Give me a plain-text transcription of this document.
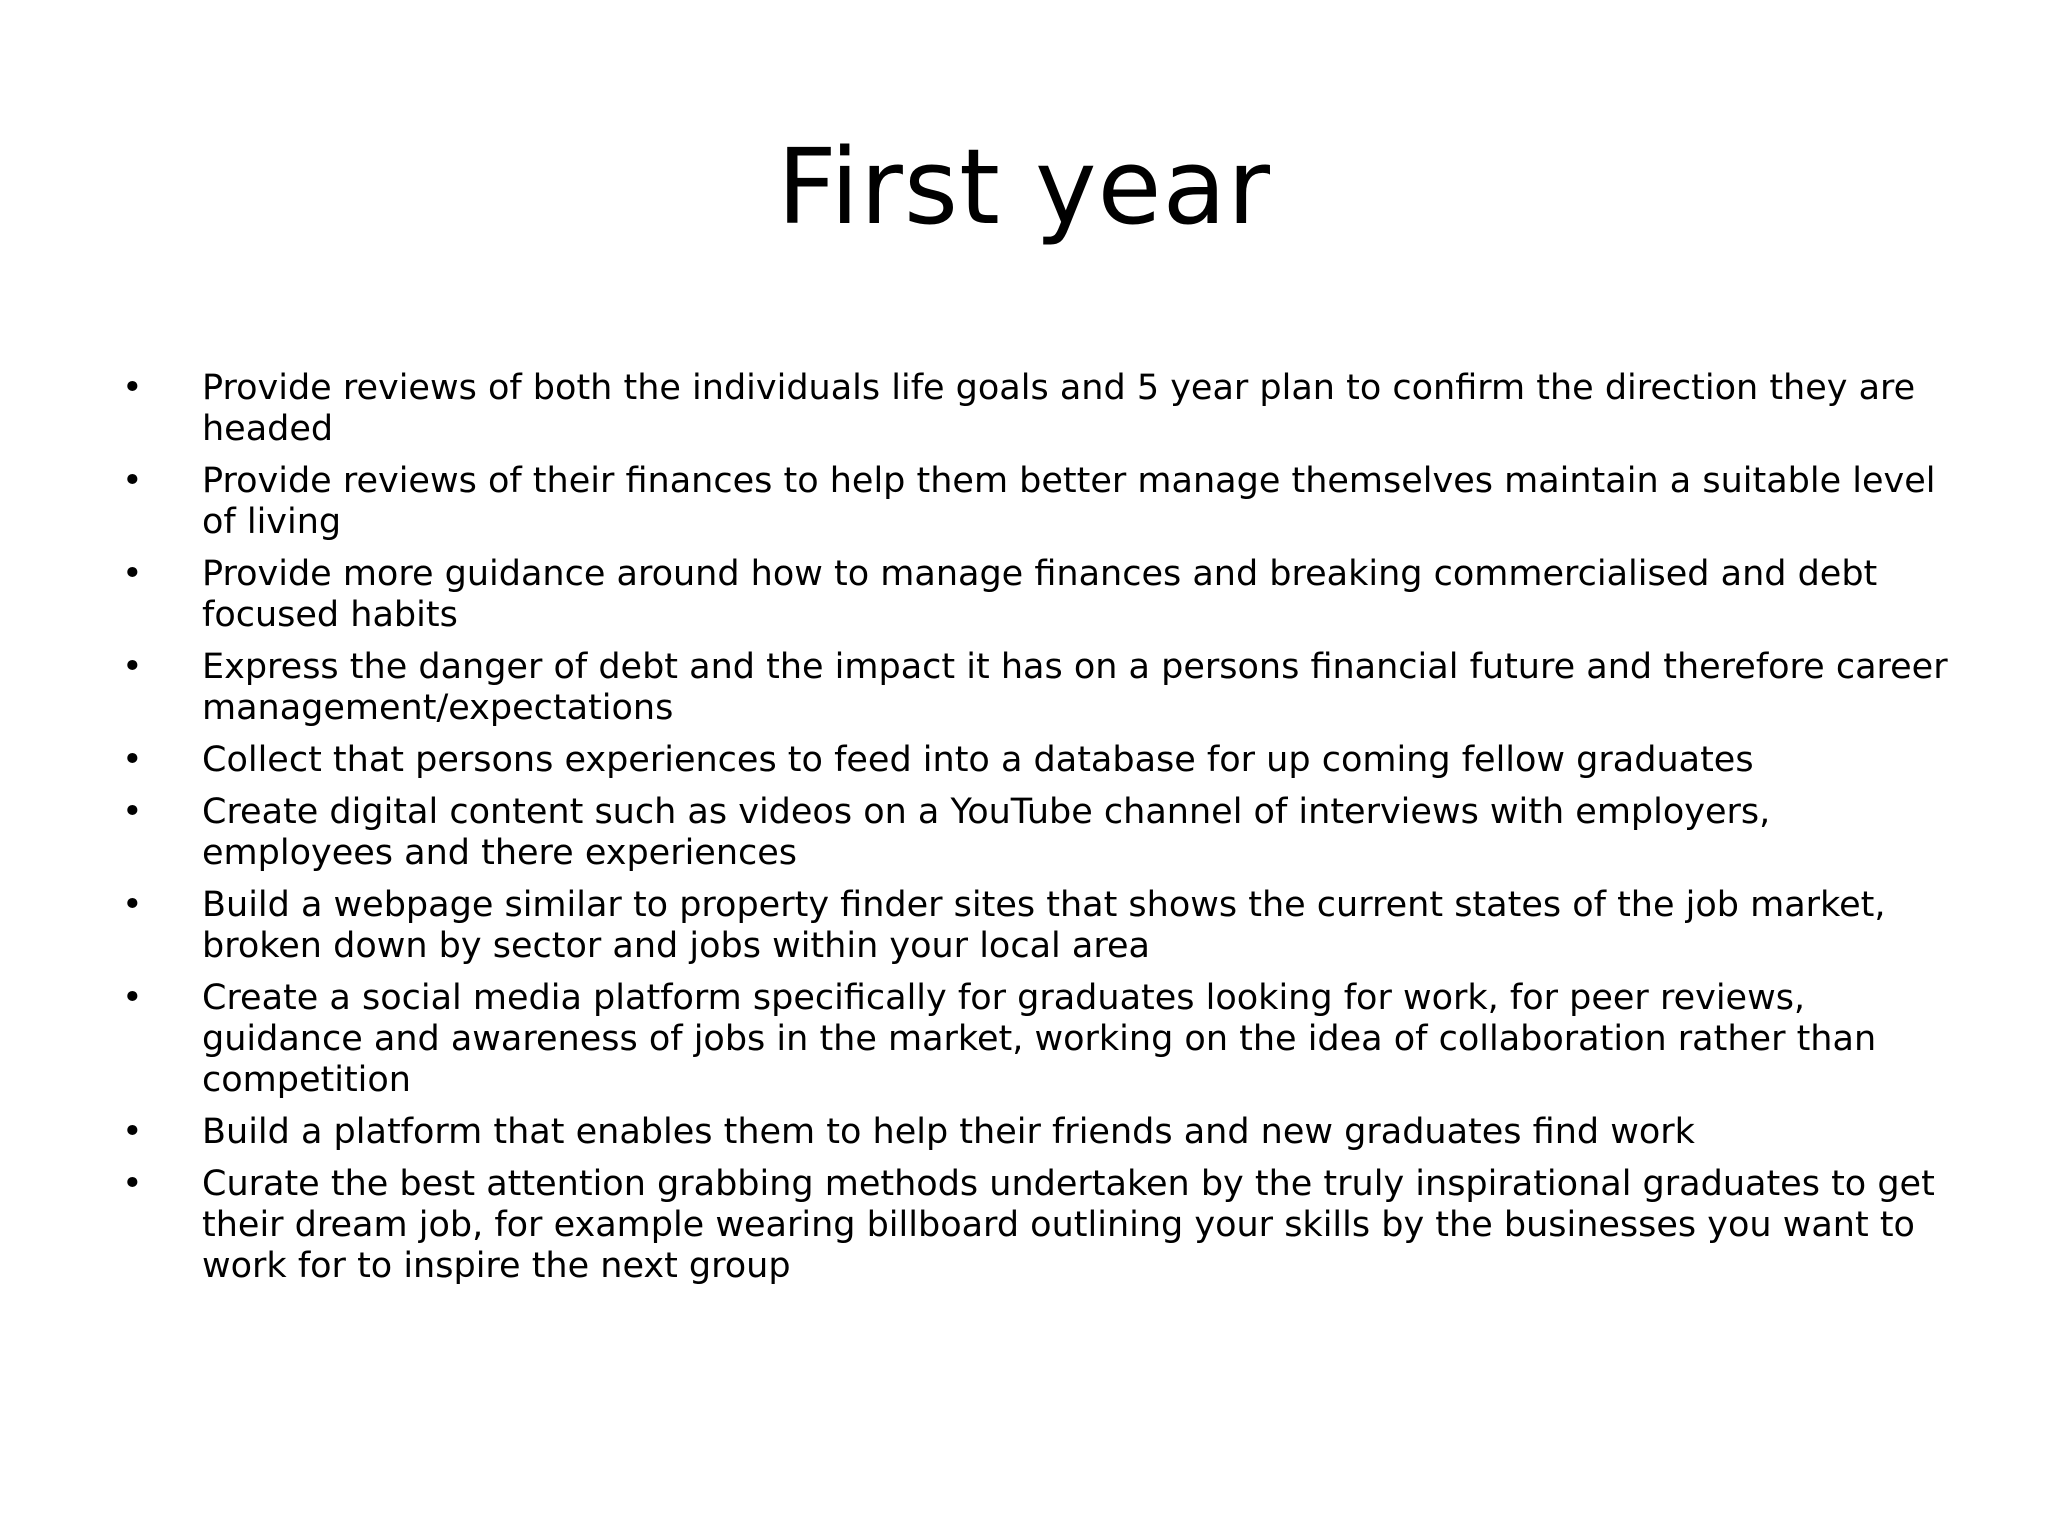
First year
• Provide reviews of both the individuals life goals and 5 year plan to confirm the direction they are headed
• Provide reviews of their finances to help them better manage themselves maintain a suitable level of living
• Provide more guidance around how to manage finances and breaking commercialised and debt focused habits
• Express the danger of debt and the impact it has on a persons financial future and therefore career management/expectations
• Collect that persons experiences to feed into a database for up coming fellow graduates
• Create digital content such as videos on a YouTube channel of interviews with employers, employees and there experiences
• Build a webpage similar to property finder sites that shows the current states of the job market, broken down by sector and jobs within your local area
• Create a social media platform specifically for graduates looking for work, for peer reviews, guidance and awareness of jobs in the market, working on the idea of collaboration rather than competition
• Build a platform that enables them to help their friends and new graduates find work
• Curate the best attention grabbing methods undertaken by the truly inspirational graduates to get their dream job, for example wearing billboard outlining your skills by the businesses you want to work for to inspire the next group
